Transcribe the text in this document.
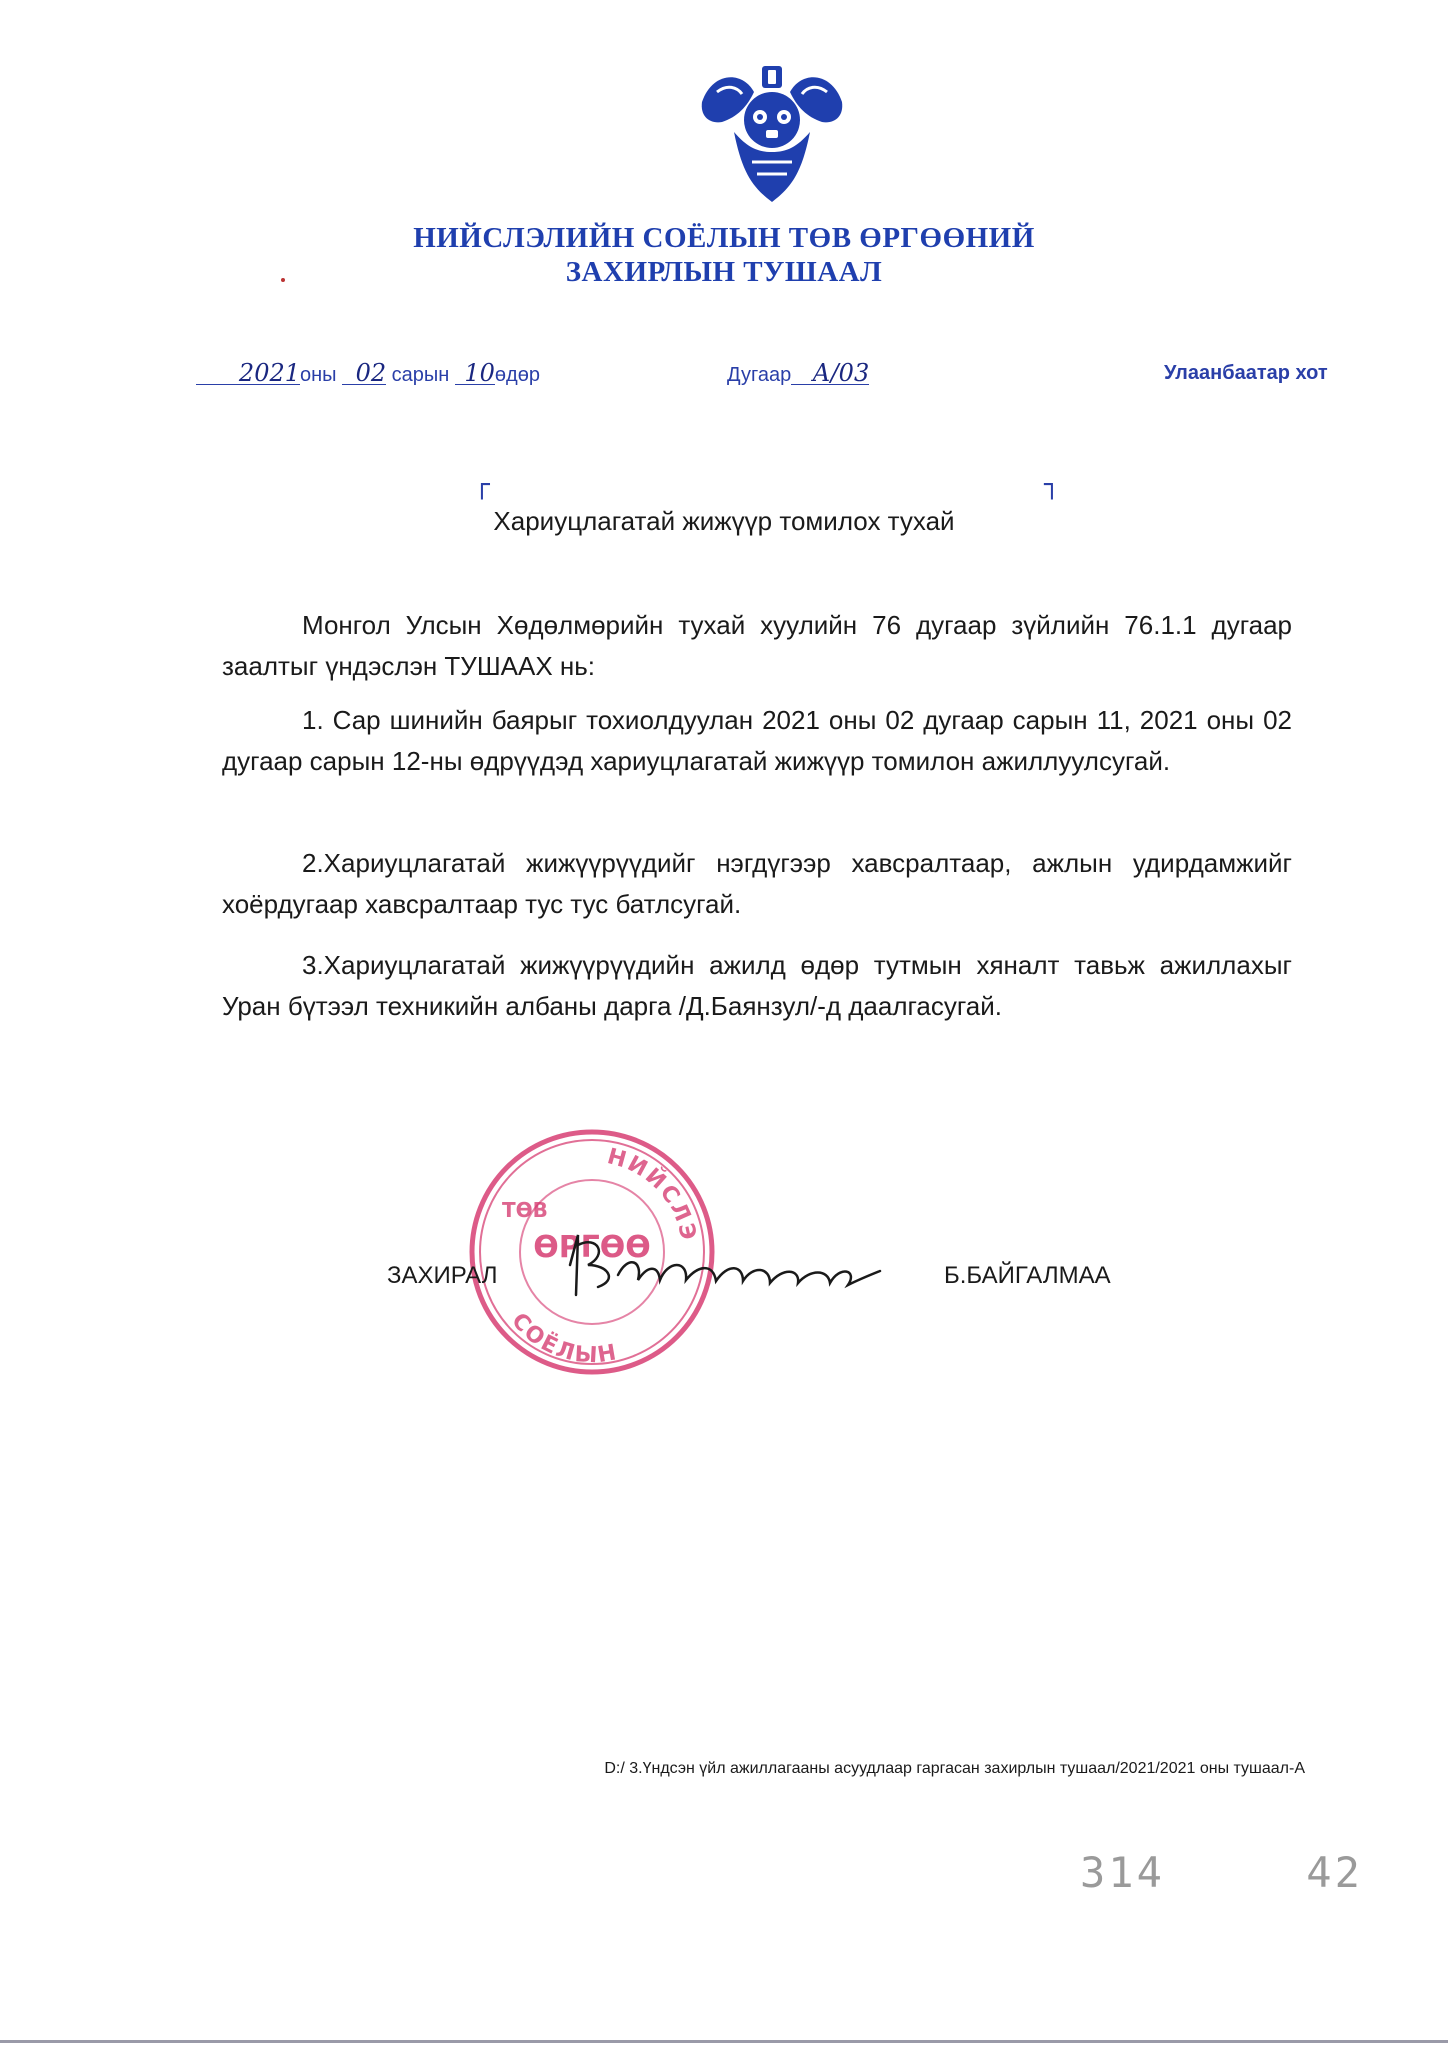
НИЙСЛЭЛИЙН СОЁЛЫН ТӨВ ӨРГӨӨНИЙ
ЗАХИРЛЫН ТУШААЛ
2021оны 02 сарын 10өдөр	Дугаар А/03	Улаанбаатар хот
┌	┐
Хариуцлагатай жижүүр томилох тухай
Монгол Улсын Хөдөлмөрийн тухай хуулийн 76 дугаар зүйлийн 76.1.1 дугаар заалтыг үндэслэн ТУШААХ нь:
1. Сар шинийн баярыг тохиолдуулан 2021 оны 02 дугаар сарын 11, 2021 оны 02 дугаар сарын 12-ны өдрүүдэд хариуцлагатай жижүүр томилон ажиллуулсугай.
2.Хариуцлагатай жижүүрүүдийг нэгдүгээр хавсралтаар, ажлын удирдамжийг хоёрдугаар хавсралтаар тус тус батлсугай.
3.Хариуцлагатай жижүүрүүдийн ажилд өдөр тутмын хяналт тавьж ажиллахыг Уран бүтээл техникийн албаны дарга /Д.Баянзул/-д даалгасугай.
НИЙСЛЭ
СОЁЛЫН
ТӨВ
ӨРГӨӨ
ЗАХИРАЛ	Б.БАЙГАЛМАА
D:/ 3.Үндсэн үйл ажиллагааны асуудлаар гаргасан захирлын тушаал/2021/2021 оны тушаал-А
314     42
